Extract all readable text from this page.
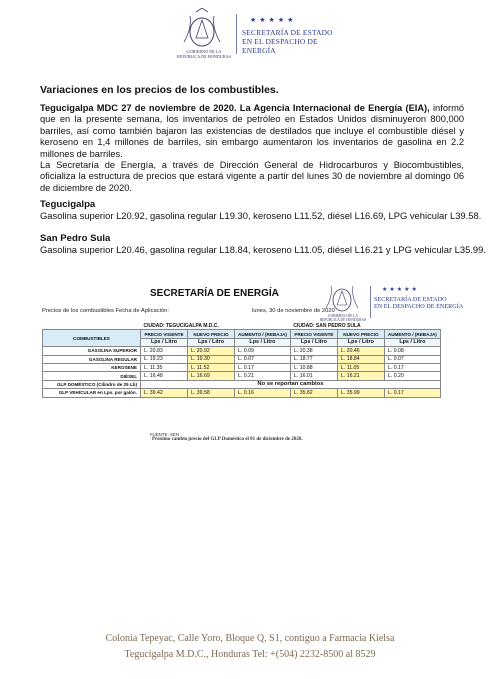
GOBIERNO DE LA
REPÚBLICA DE HONDURAS
★★★★★
SECRETARÍA DE ESTADO
EN EL DESPACHO DE ENERGÍA
Variaciones en los precios de los combustibles.
Tegucigalpa MDC 27 de noviembre de 2020. La Agencia Internacional de Energía (EIA), informó que en la presente semana, los inventarios de petróleo en Estados Unidos disminuyeron 800,000 barriles, así como también bajaron las existencias de destilados que incluye el combustible diésel y keroseno en 1,4 millones de barriles, sin embargo aumentaron los inventarios de gasolina en 2.2 millones de barriles.
La Secretaría de Energía, a través de Dirección General de Hidrocarburos y Biocombustibles, oficializa la estructura de precios que estará vigente a partir del lunes 30 de noviembre al domingo 06 de diciembre de 2020.
Tegucigalpa
Gasolina superior L20.92, gasolina regular L19.30, keroseno L11.52, diésel L16.69, LPG vehicular L39.58.
San Pedro Sula
Gasolina superior L20.46, gasolina regular L18.84, keroseno L11.05, diésel L16.21 y LPG vehicular L35.99.
SECRETARÍA DE ENERGÍA
GOBIERNO DE LA
REPÚBLICA DE HONDURAS
★★★★★
SECRETARÍA DE ESTADO
EN EL DESPACHO DE ENERGÍA
Precios de los combustibles Fecha de Aplicación:	lunes, 30 de noviembre de 2020
	CIUDAD: TEGUCIGALPA M.D.C.			CIUDAD: SAN PEDRO SULA		
COMBUSTIBLES	PRECIO VIGENTE	NUEVO PRECIO	AUMENTO / (REBAJA)	PRECIO VIGENTE	NUEVO PRECIO	AUMENTO / (REBAJA)
	Lps / Litro	Lps / Litro	Lps / Litro	Lps / Litro	Lps / Litro	Lps / Litro
GASOLINA SUPERIOR	L. 20.83	L. 20.92	L. 0.09	L. 20.38	L. 20.46	L. 0.08
GASOLINA REGULAR	L. 19.23	L. 19.30	L. 0.07	L. 18.77	L. 18.84	L. 0.07
KEROSENE	L. 11.35	L. 11.52	L. 0.17	L. 10.88	L. 11.05	L. 0.17
DIÉSEL	L. 16.48	L. 16.69	L. 0.21	L. 16.01	L. 16.21	L. 0.20
GLP DOMÉSTICO (Cilindro de 25 Lb)	No se reportan cambios					
GLP VEHICULAR en Lps. por galón.	L. 39.42	L. 39.58	L. 0.16	L. 35.82	L. 35.99	L. 0.17
FUENTE: SEN
Próximo cambio precio del GLP Doméstico el 01 de diciembre de 2020.
Colonia Tepeyac, Calle Yoro, Bloque Q, S1, contiguo a Farmacia Kielsa
Tegucigalpa M.D.C., Honduras Tel: +(504) 2232-8500 al 8529
